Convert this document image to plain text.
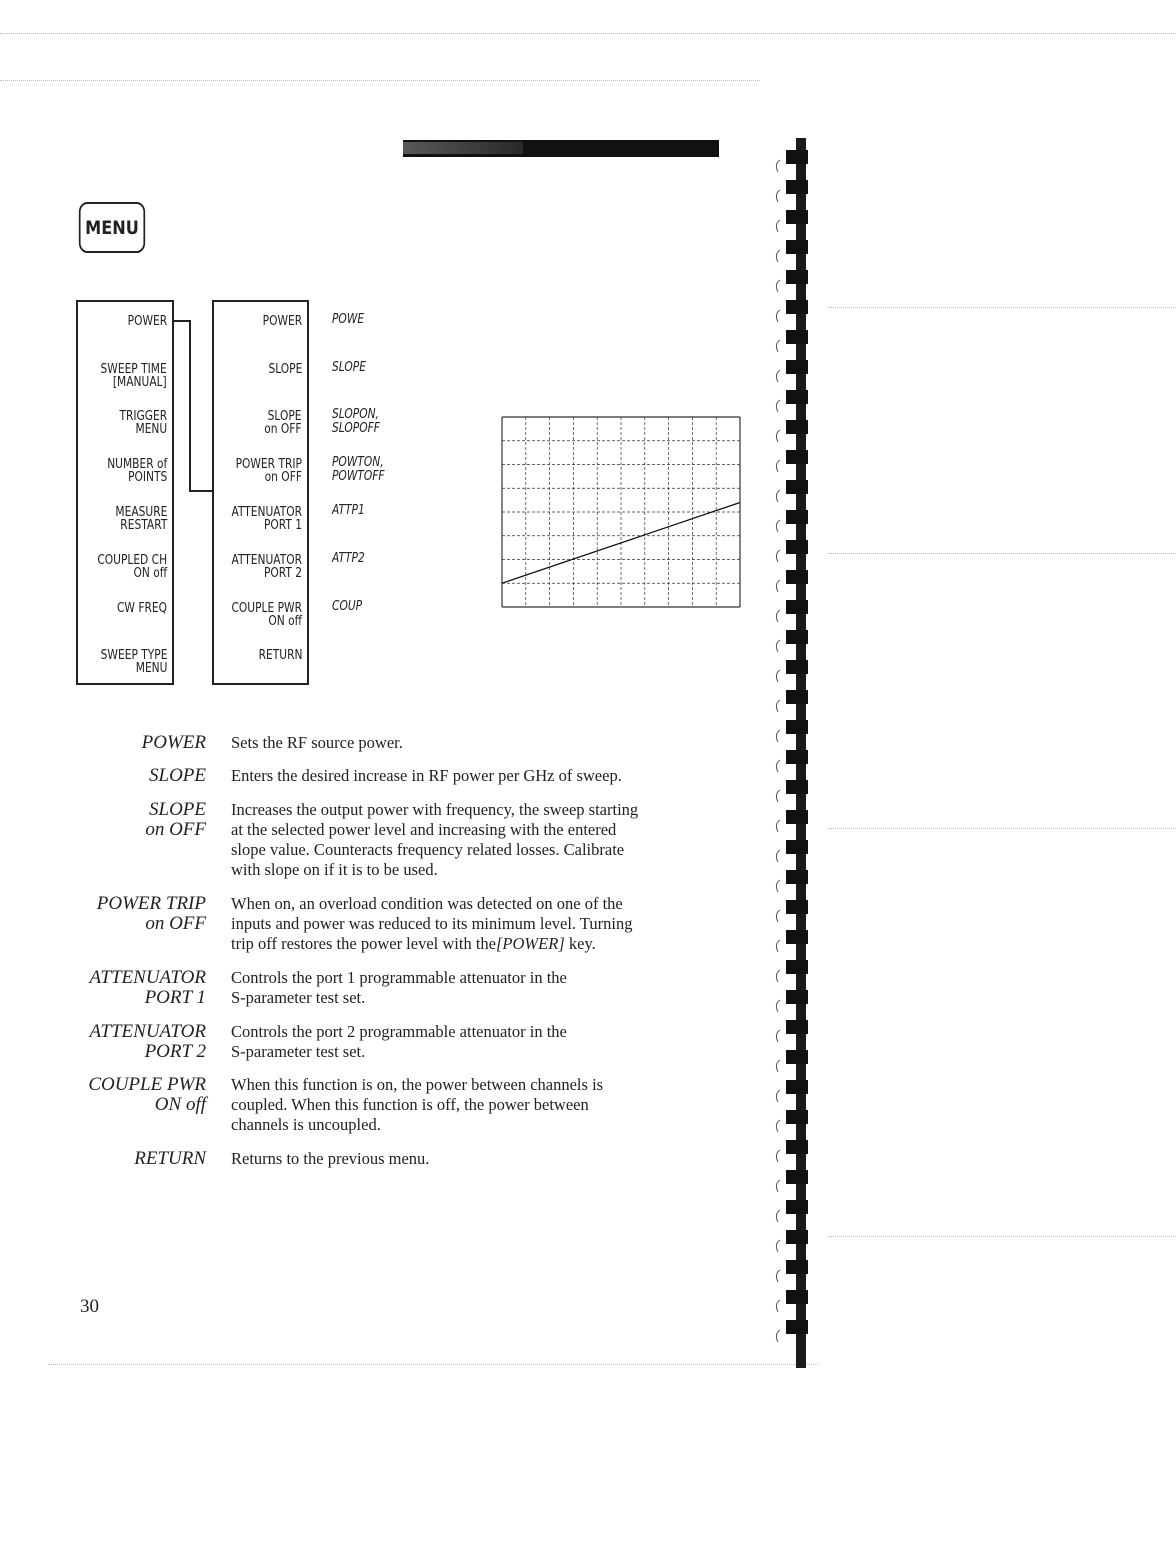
MENU
POWER
SWEEP TIME
[MANUAL]
TRIGGER
MENU
NUMBER of
POINTS
MEASURE
RESTART
COUPLED CH
ON off
CW FREQ
SWEEP TYPE
MENU
POWER
SLOPE
SLOPE
on OFF
POWER TRIP
on OFF
ATTENUATOR
PORT 1
ATTENUATOR
PORT 2
COUPLE PWR
ON off
RETURN
POWE
SLOPE
SLOPON,
SLOPOFF
POWTON,
POWTOFF
ATTP1
ATTP2
COUP
POWER Sets the RF source power.
SLOPE Enters the desired increase in RF power per GHz of sweep.
SLOPE
on OFF
Increases the output power with frequency, the sweep starting
at the selected power level and increasing with the entered
slope value. Counteracts frequency related losses. Calibrate
with slope on if it is to be used.
POWER TRIP
on OFF
When on, an overload condition was detected on one of the
inputs and power was reduced to its minimum level. Turning
trip off restores the power level with the[POWER] key.
ATTENUATOR
PORT 1
Controls the port 1 programmable attenuator in the
S-parameter test set.
ATTENUATOR
PORT 2
Controls the port 2 programmable attenuator in the
S-parameter test set.
COUPLE PWR
ON off
When this function is on, the power between channels is
coupled. When this function is off, the power between
channels is uncoupled.
RETURN Returns to the previous menu.
30
